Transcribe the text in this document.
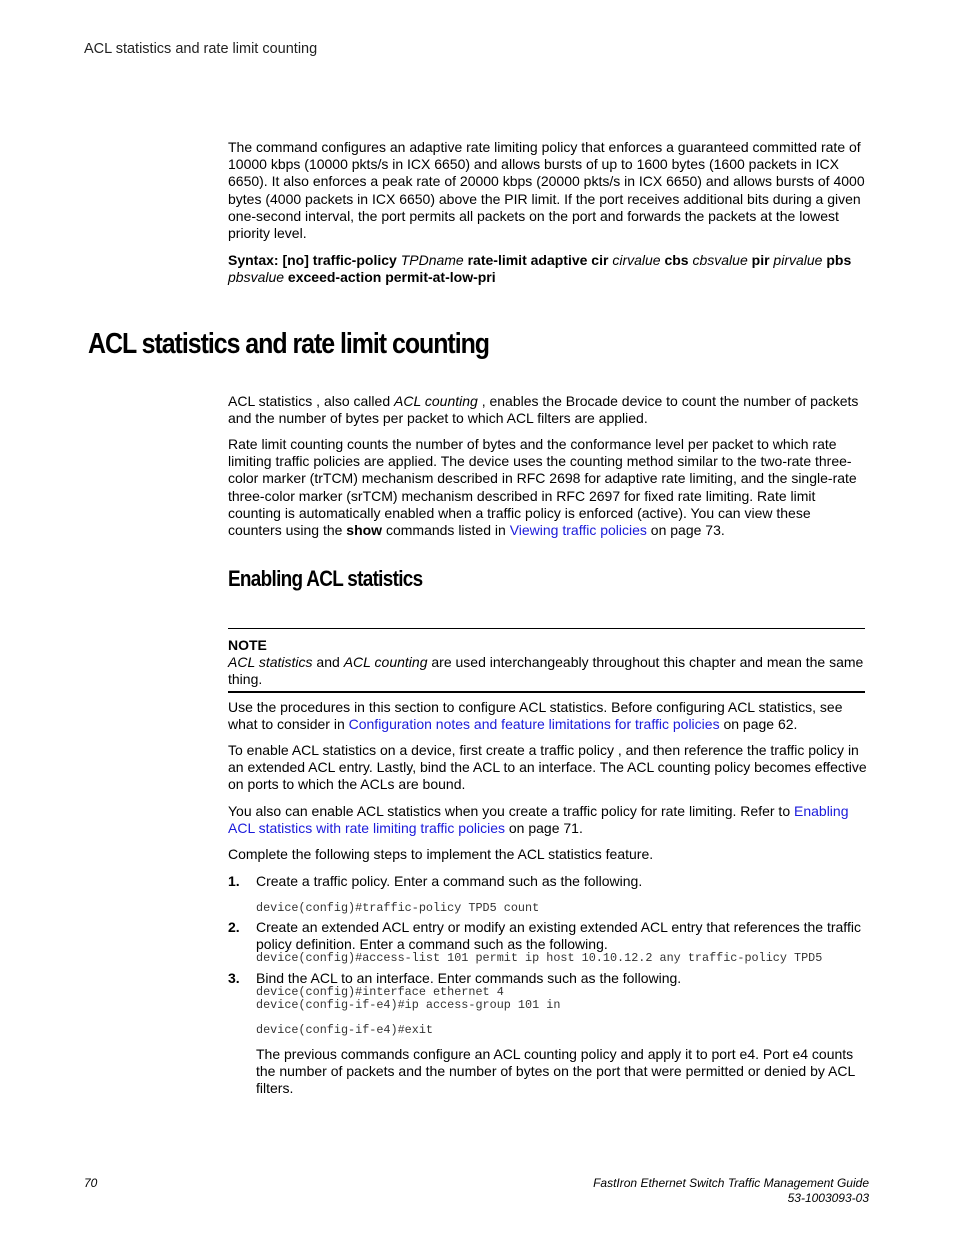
ACL statistics and rate limit counting

The command configures an adaptive rate limiting policy that enforces a guaranteed committed rate of 10000 kbps (10000 pkts/s in ICX 6650) and allows bursts of up to 1600 bytes (1600 packets in ICX 6650). It also enforces a peak rate of 20000 kbps (20000 pkts/s in ICX 6650) and allows bursts of 4000 bytes (4000 packets in ICX 6650) above the PIR limit. If the port receives additional bits during a given one-second interval, the port permits all packets on the port and forwards the packets at the lowest priority level.

Syntax: [no] traffic-policy TPDname rate-limit adaptive cir cirvalue cbs cbsvalue pir pirvalue pbs pbsvalue exceed-action permit-at-low-pri

ACL statistics and rate limit counting

ACL statistics , also called ACL counting , enables the Brocade device to count the number of packets and the number of bytes per packet to which ACL filters are applied.

Rate limit counting counts the number of bytes and the conformance level per packet to which rate limiting traffic policies are applied. The device uses the counting method similar to the two-rate three-color marker (trTCM) mechanism described in RFC 2698 for adaptive rate limiting, and the single-rate three-color marker (srTCM) mechanism described in RFC 2697 for fixed rate limiting. Rate limit counting is automatically enabled when a traffic policy is enforced (active). You can view these counters using the show commands listed in Viewing traffic policies on page 73.

Enabling ACL statistics
NOTE
ACL statistics and ACL counting are used interchangeably throughout this chapter and mean the same thing.

Use the procedures in this section to configure ACL statistics. Before configuring ACL statistics, see what to consider in Configuration notes and feature limitations for traffic policies on page 62.

To enable ACL statistics on a device, first create a traffic policy , and then reference the traffic policy in an extended ACL entry. Lastly, bind the ACL to an interface. The ACL counting policy becomes effective on ports to which the ACLs are bound.

You also can enable ACL statistics when you create a traffic policy for rate limiting. Refer to Enabling ACL statistics with rate limiting traffic policies on page 71.

Complete the following steps to implement the ACL statistics feature.

1. Create a traffic policy. Enter a command such as the following.

device(config)#traffic-policy TPD5 count
2. Create an extended ACL entry or modify an existing extended ACL entry that references the traffic policy definition. Enter a command such as the following.

device(config)#access-list 101 permit ip host 10.10.12.2 any traffic-policy TPD5
3. Bind the ACL to an interface. Enter commands such as the following.

device(config)#interface ethernet 4
device(config-if-e4)#ip access-group 101 in
device(config-if-e4)#exit

The previous commands configure an ACL counting policy and apply it to port e4. Port e4 counts the number of packets and the number of bytes on the port that were permitted or denied by ACL filters.

70	FastIron Ethernet Switch Traffic Management Guide
53-1003093-03
